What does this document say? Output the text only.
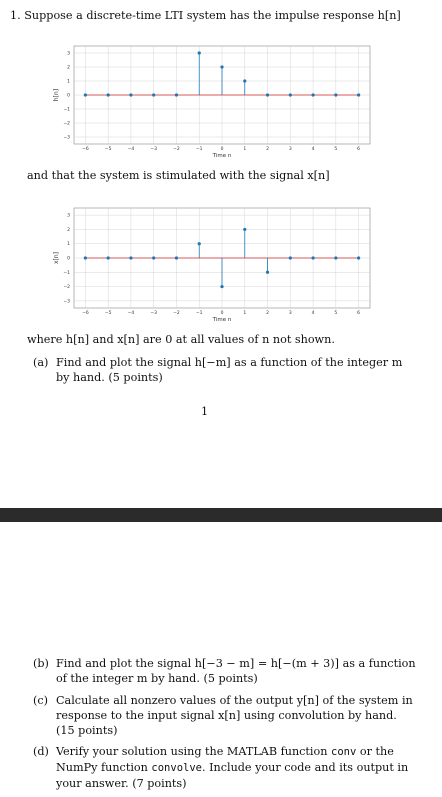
1. Suppose a discrete-time LTI system has the impulse response h[n]
−6	−5	−4	−3	−2	−1	0	1	2	3	4	5	6
3
2
1
0
−1
−2
−3
Time n
h[n]
and that the system is stimulated with the signal x[n]
−6	−5	−4	−3	−2	−1	0	1	2	3	4	5	6
3
2
1
0
−1
−2
−3
Time n
x[n]
where h[n] and x[n] are 0 at all values of n not shown.
(a) Find and plot the signal h[−m] as a function of the integer m by hand. (5 points)
1
(b) Find and plot the signal h[−3 − m] = h[−(m + 3)] as a function of the integer m by hand. (5 points)
(c) Calculate all nonzero values of the output y[n] of the system in response to the input signal x[n] using convolution by hand. (15 points)
(d) Verify your solution using the MATLAB function conv or the NumPy function convolve. Include your code and its output in your answer. (7 points)
